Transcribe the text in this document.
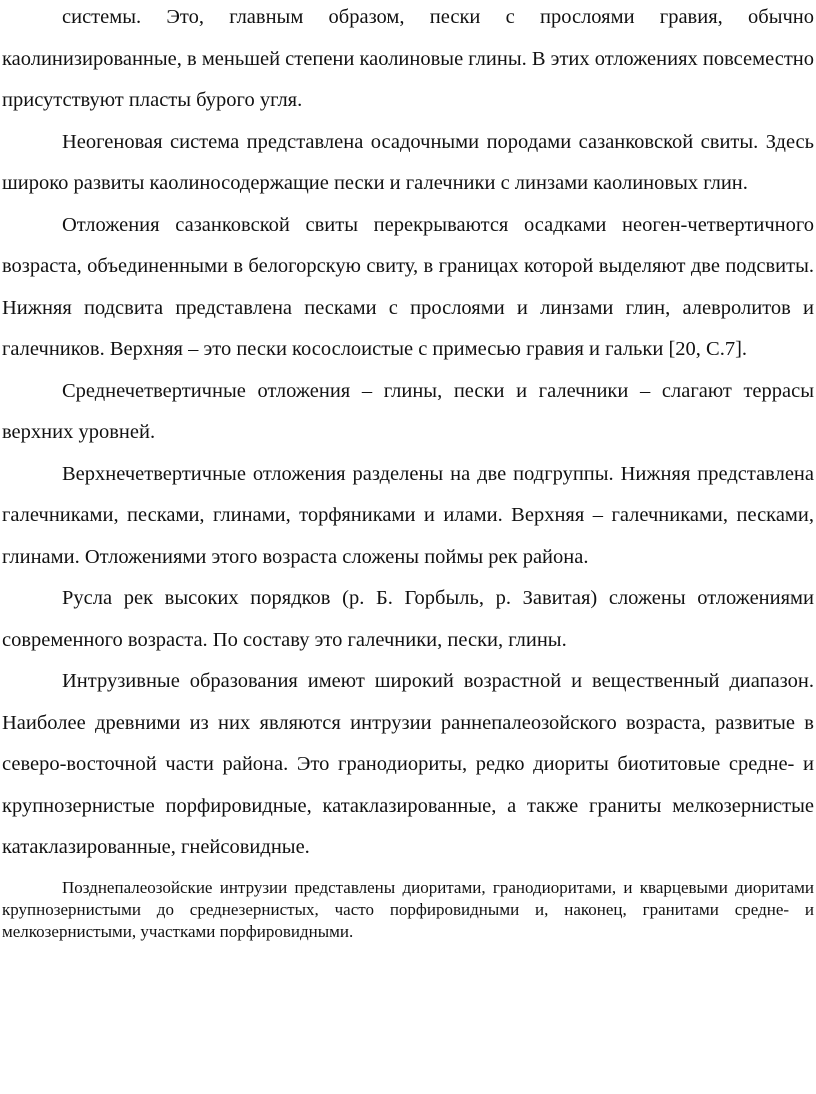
системы. Это, главным образом, пески с прослоями гравия, обычно каолинизированные, в меньшей степени каолиновые глины. В этих отложениях повсеместно присутствуют пласты бурого угля.

Неогеновая система представлена осадочными породами сазанковской свиты. Здесь широко развиты каолиносодержащие пески и галечники с линзами каолиновых глин.

Отложения сазанковской свиты перекрываются осадками неоген-четвертичного возраста, объединенными в белогорскую свиту, в границах которой выделяют две подсвиты. Нижняя подсвита представлена песками с прослоями и линзами глин, алевролитов и галечников. Верхняя – это пески косослоистые с примесью гравия и гальки [20, С.7].

Среднечетвертичные отложения – глины, пески и галечники – слагают террасы верхних уровней.

Верхнечетвертичные отложения разделены на две подгруппы. Нижняя представлена галечниками, песками, глинами, торфяниками и илами. Верхняя – галечниками, песками, глинами. Отложениями этого возраста сложены поймы рек района.

Русла рек высоких порядков (р. Б. Горбыль, р. Завитая) сложены отложениями современного возраста. По составу это галечники, пески, глины.

Интрузивные образования имеют широкий возрастной и вещественный диапазон. Наиболее древними из них являются интрузии раннепалеозойского возраста, развитые в северо-восточной части района. Это гранодиориты, редко диориты биотитовые средне- и крупнозернистые порфировидные, катаклазированные, а также граниты мелкозернистые катаклазированные, гнейсовидные.

Позднепалеозойские интрузии представлены диоритами, гранодиоритами, и кварцевыми диоритами крупнозернистыми до среднезернистых, часто порфировидными и, наконец, гранитами средне- и мелкозернистыми, участками порфировидными.
